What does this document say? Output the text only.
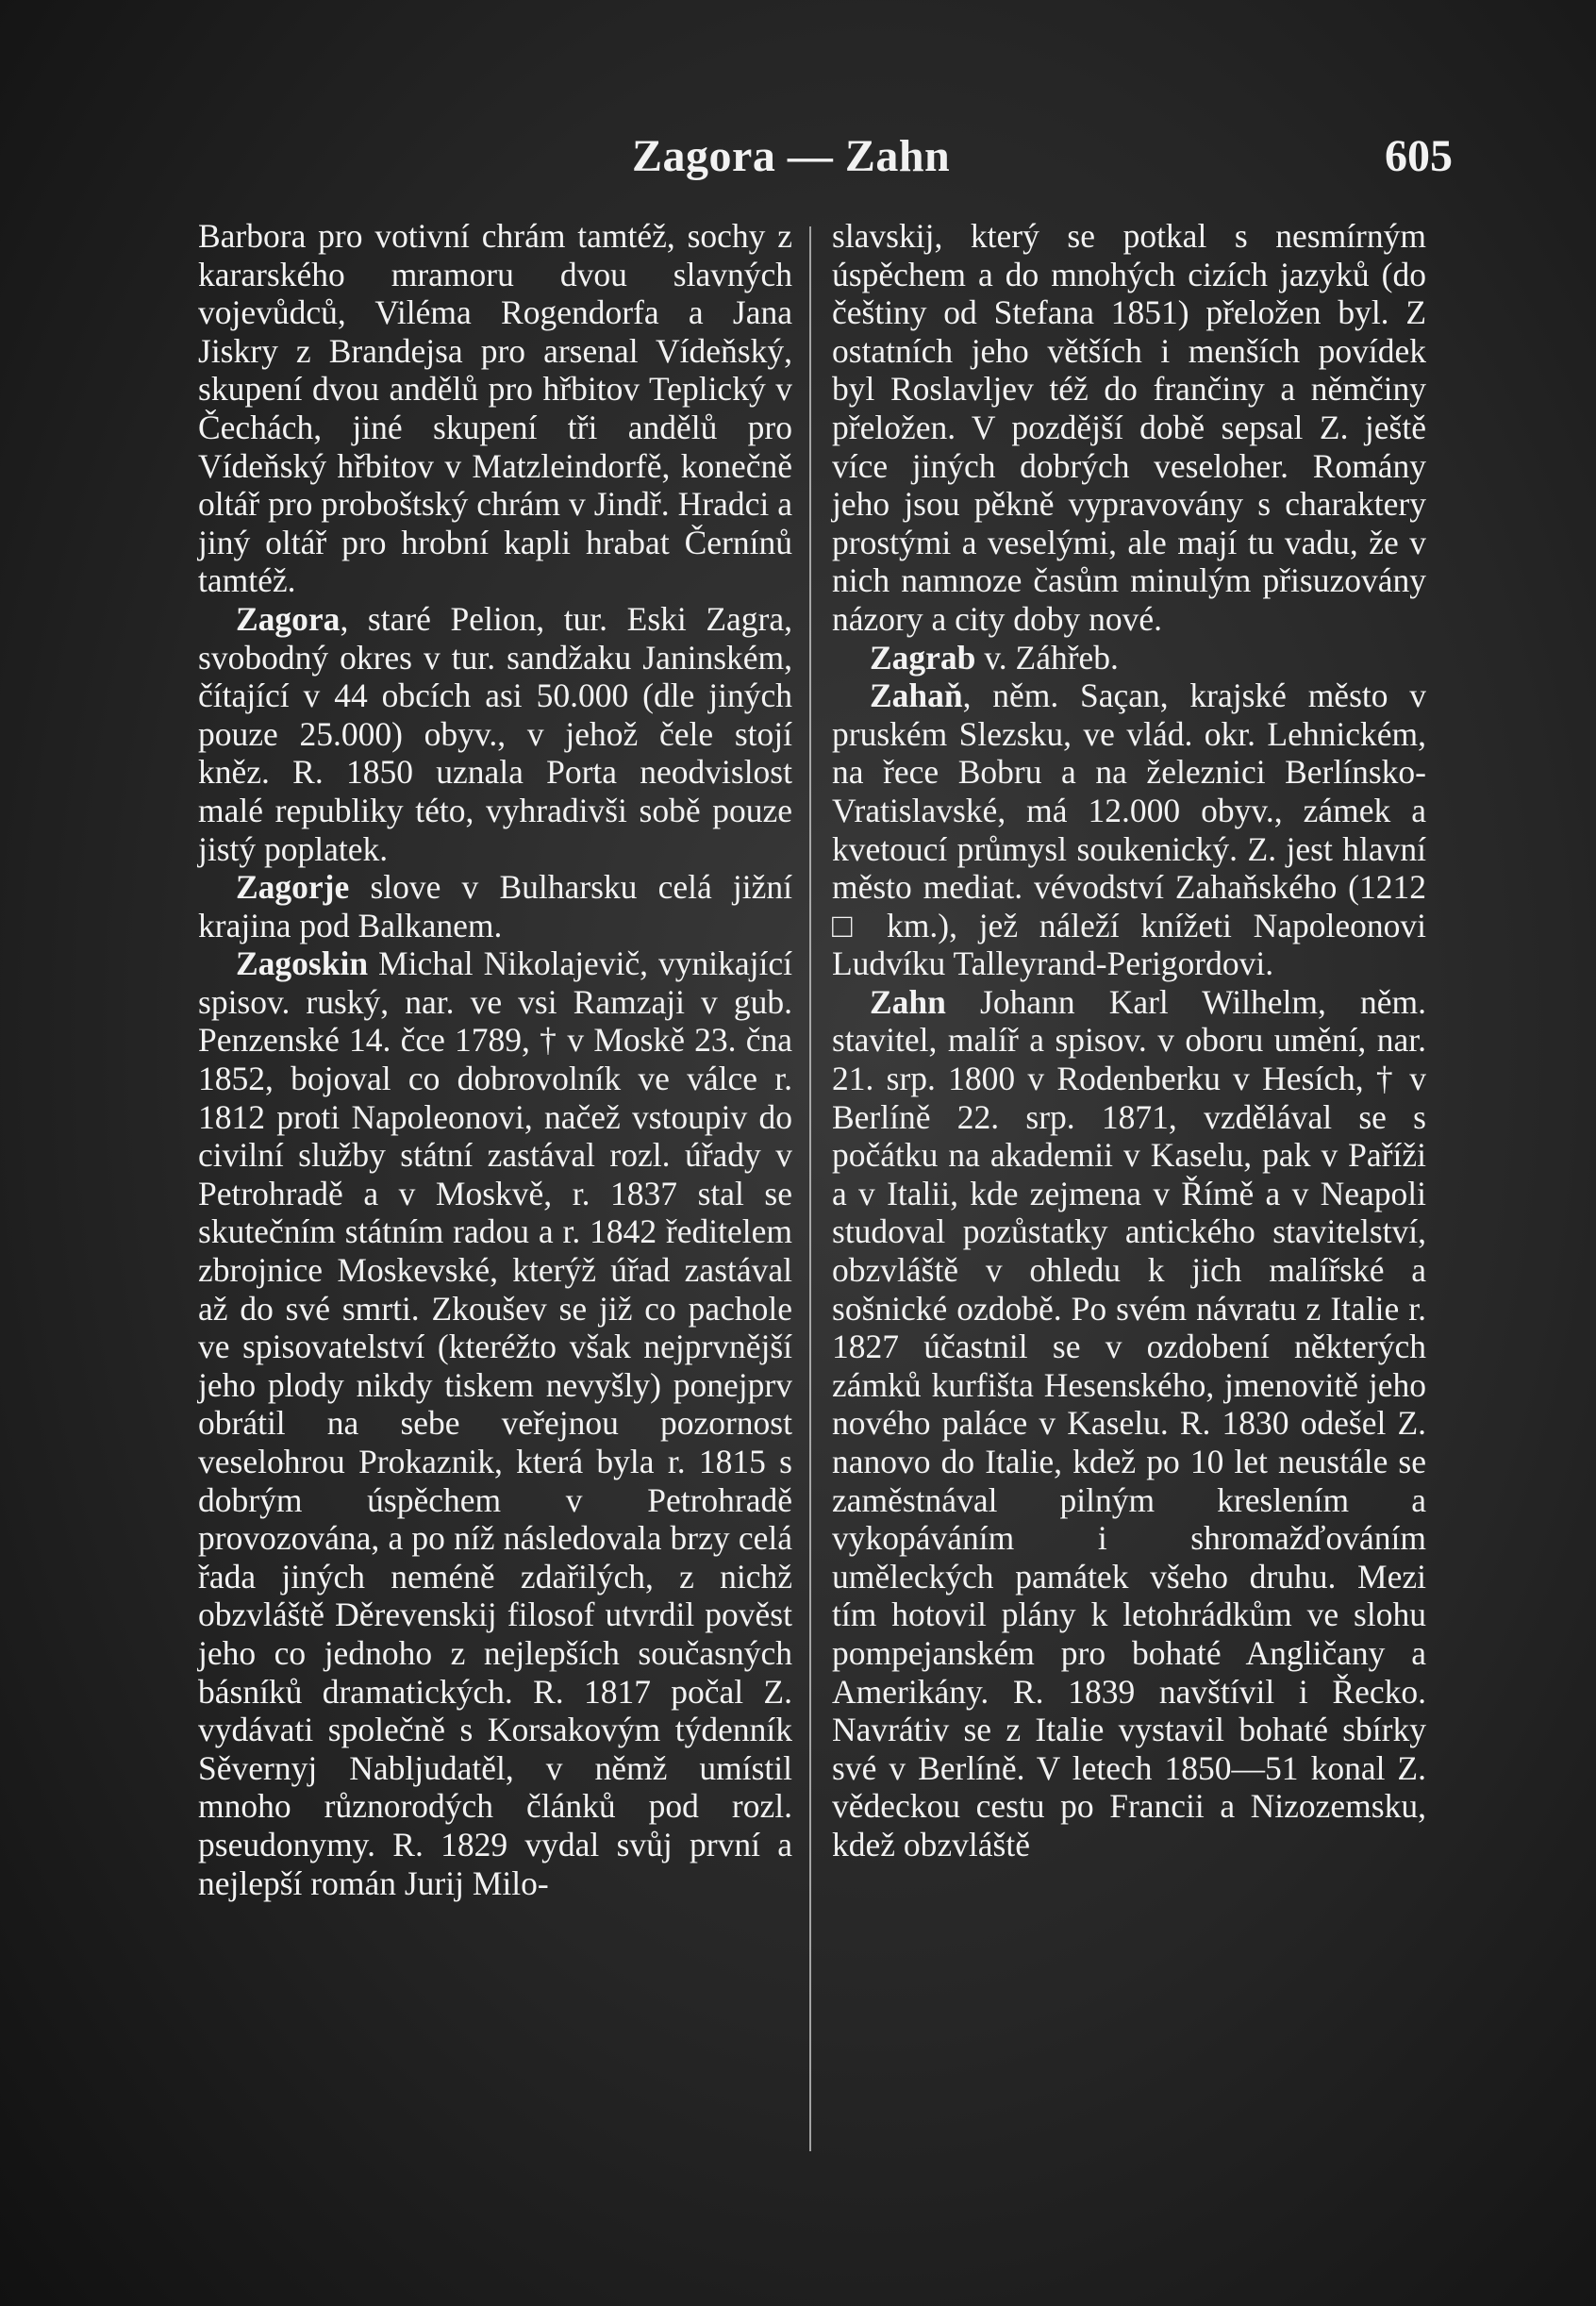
Zagora — Zahn	605

Barbora pro votivní chrám tamtéž, sochy z kararského mramoru dvou slavných vojevůdců, Viléma Rogendorfa a Jana Jiskry z Brandejsa pro arsenal Vídeňský, skupení dvou andělů pro hřbitov Teplický v Čechách, jiné skupení tři andělů pro Vídeňský hřbitov v Matzleindorfě, konečně oltář pro proboštský chrám v Jindř. Hradci a jiný oltář pro hrobní kapli hrabat Černínů tamtéž.

Zagora, staré Pelion, tur. Eski Zagra, svobodný okres v tur. sandžaku Janinském, čítající v 44 obcích asi 50.000 (dle jiných pouze 25.000) obyv., v jehož čele stojí kněz. R. 1850 uznala Porta neodvislost malé republiky této, vyhradivši sobě pouze jistý poplatek.

Zagorje slove v Bulharsku celá jižní krajina pod Balkanem.

Zagoskin Michal Nikolajevič, vynikající spisov. ruský, nar. ve vsi Ramzaji v gub. Penzenské 14. čce 1789, † v Moskě 23. čna 1852, bojoval co dobrovolník ve válce r. 1812 proti Napoleonovi, načež vstoupiv do civilní služby státní zastával rozl. úřady v Petrohradě a v Moskvě, r. 1837 stal se skutečním státním radou a r. 1842 ředitelem zbrojnice Moskevské, kterýž úřad zastával až do své smrti. Zkoušev se již co pachole ve spisovatelství (kteréžto však nejprvnější jeho plody nikdy tiskem nevyšly) ponejprv obrátil na sebe veřejnou pozornost veselohrou Prokaznik, která byla r. 1815 s dobrým úspěchem v Petrohradě provozována, a po níž následovala brzy celá řada jiných neméně zdařilých, z nichž obzvláště Děrevenskij filosof utvrdil pověst jeho co jednoho z nejlepších současných básníků dramatických. R. 1817 počal Z. vydávati společně s Korsakovým týdenník Sěvernyj Nabljudatěl, v němž umístil mnoho různorodých článků pod rozl. pseudonymy. R. 1829 vydal svůj první a nejlepší román Jurij Milo-

slavskij, který se potkal s nesmírným úspěchem a do mnohých cizích jazyků (do češtiny od Stefana 1851) přeložen byl. Z ostatních jeho větších i menších povídek byl Roslavljev též do frančiny a němčiny přeložen. V pozdější době sepsal Z. ještě více jiných dobrých veseloher. Romány jeho jsou pěkně vypravovány s charaktery prostými a veselými, ale mají tu vadu, že v nich namnoze časům minulým přisuzovány názory a city doby nové.

Zagrab v. Záhřeb.

Zahaň, něm. Saçan, krajské město v pruském Slezsku, ve vlád. okr. Lehnickém, na řece Bobru a na železnici Berlínsko-Vratislavské, má 12.000 obyv., zámek a kvetoucí průmysl soukenický. Z. jest hlavní město mediat. vévodství Zahaňského (1212 □ km.), jež náleží knížeti Napoleonovi Ludvíku Talleyrand-Perigordovi.

Zahn Johann Karl Wilhelm, něm. stavitel, malíř a spisov. v oboru umění, nar. 21. srp. 1800 v Rodenberku v Hesích, † v Berlíně 22. srp. 1871, vzdělával se s počátku na akademii v Kaselu, pak v Paříži a v Italii, kde zejmena v Římě a v Neapoli studoval pozůstatky antického stavitelství, obzvláště v ohledu k jich malířské a sošnické ozdobě. Po svém návratu z Italie r. 1827 účastnil se v ozdobení některých zámků kurfišta Hesenského, jmenovitě jeho nového paláce v Kaselu. R. 1830 odešel Z. nanovo do Italie, kdež po 10 let neustále se zaměstnával pilným kreslením a vykopáváním i shromažďováním uměleckých památek všeho druhu. Mezi tím hotovil plány k letohrádkům ve slohu pompejanském pro bohaté Angličany a Amerikány. R. 1839 navštívil i Řecko. Navrátiv se z Italie vystavil bohaté sbírky své v Berlíně. V letech 1850—51 konal Z. vědeckou cestu po Francii a Nizozemsku, kdež obzvláště
